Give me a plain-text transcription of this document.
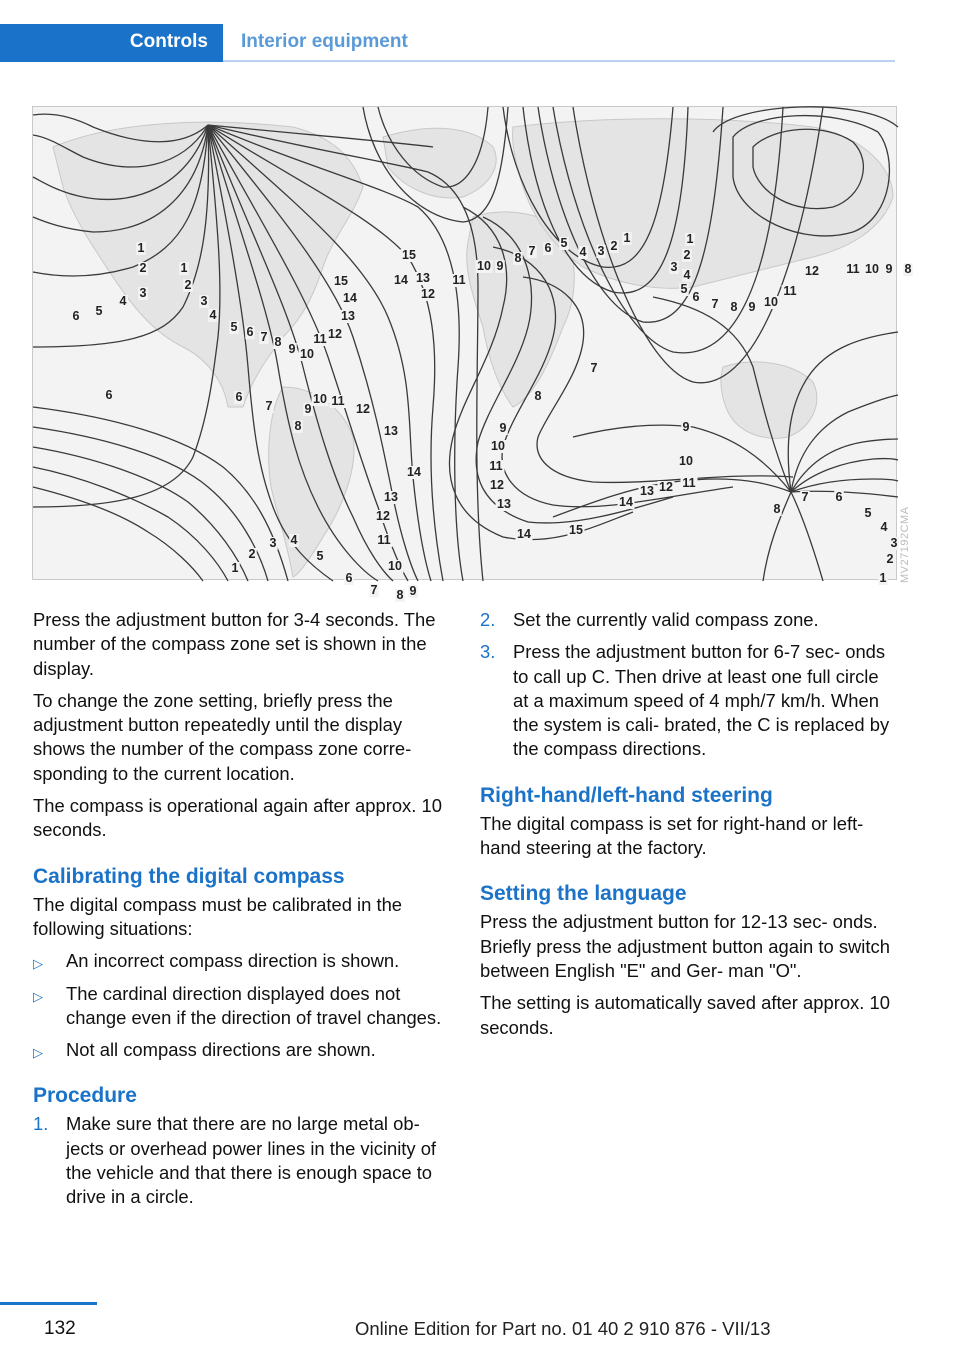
Controls	Interior equipment
1
2
3
4
5
6
1
2
3
4
5 6 7 8 9 10
11 12
13
14
15
15
14 13
12
11
10 9
8 7 6 5
4 3 2
1	1
2
3
4
5
6 7 8 9 10
11
12 11 10 9 8
6	6
7
8
9
10 11
12
13
14
13
12
11
10
9
8
7
6
5
4
3
2
1
7
8
9
10
11
12
13
14	15
14
13 12 11
10
9
8
7 6
5
4
3
2
1 MV27192CMA

Press the adjustment button for 3-4 seconds. The number of the compass zone set is shown in the display.

To change the zone setting, briefly press the adjustment button repeatedly until the display shows the number of the compass zone corre‐ sponding to the current location.

The compass is operational again after approx. 10 seconds.

Calibrating the digital compass

The digital compass must be calibrated in the following situations:

▷ An incorrect compass direction is shown.
▷ The cardinal direction displayed does not change even if the direction of travel changes.
▷ Not all compass directions are shown.
Procedure
1. Make sure that there are no large metal ob‐ jects or overhead power lines in the vicinity of the vehicle and that there is enough space to drive in a circle.
2. Set the currently valid compass zone.
3. Press the adjustment button for 6-7 sec‐ onds to call up C. Then drive at least one full circle at a maximum speed of 4 mph/7 km/h. When the system is cali‐ brated, the C is replaced by the compass directions.
Right-hand/left-hand steering

The digital compass is set for right-hand or left-hand steering at the factory.

Setting the language

Press the adjustment button for 12-13 sec‐ onds. Briefly press the adjustment button again to switch between English "E" and Ger‐ man "O".

The setting is automatically saved after approx. 10 seconds.

132	Online Edition for Part no. 01 40 2 910 876 - VII/13
